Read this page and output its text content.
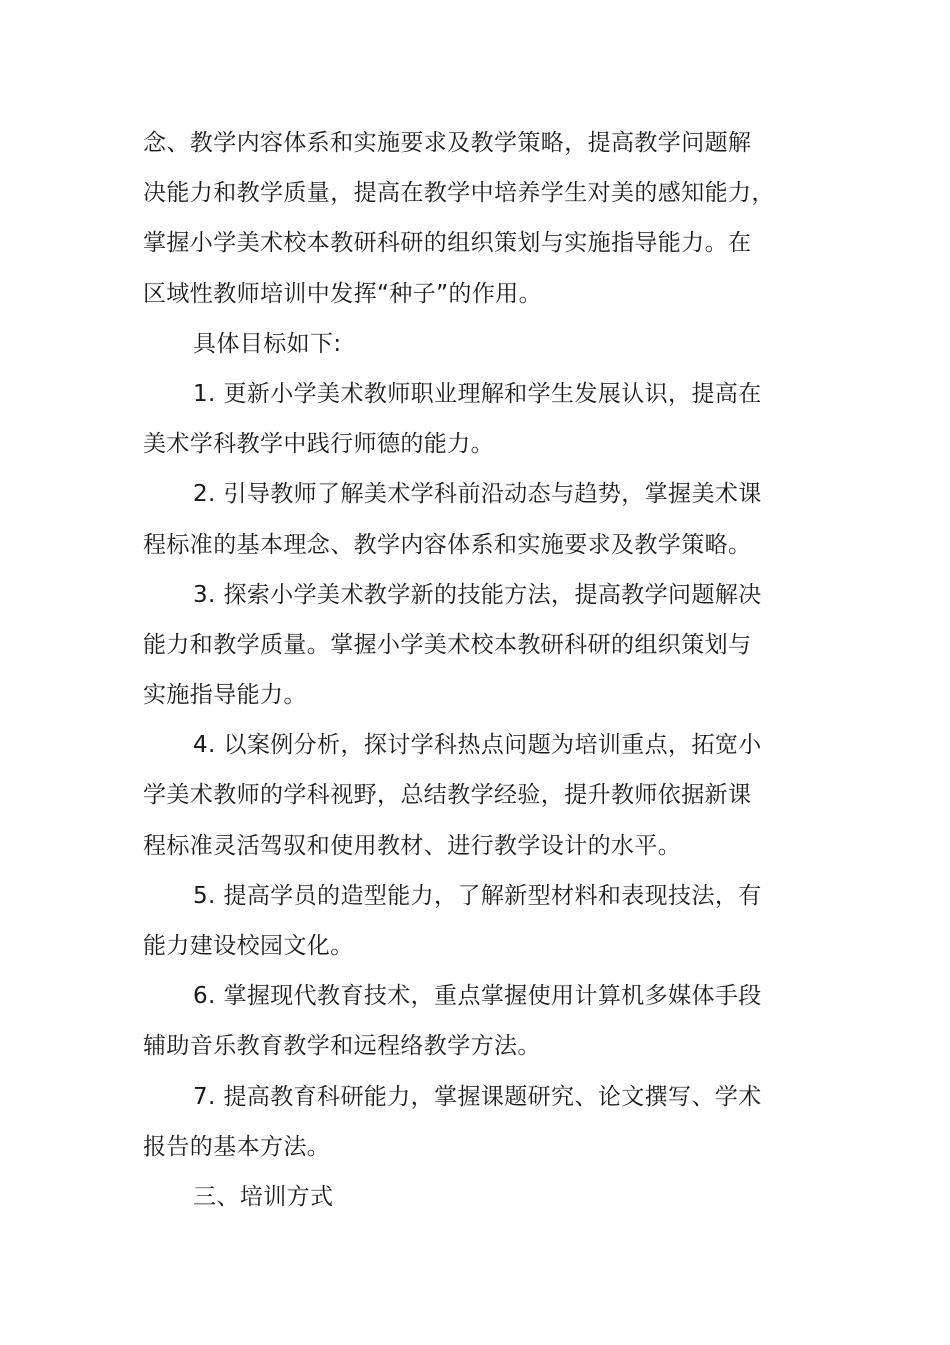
念、教学内容体系和实施要求及教学策略，提高教学问题解
决能力和教学质量，提高在教学中培养学生对美的感知能力，
掌握小学美术校本教研科研的组织策划与实施指导能力。在
区域性教师培训中发挥“种子”的作用。
具体目标如下:
1. 更新小学美术教师职业理解和学生发展认识，提高在
美术学科教学中践行师德的能力。
2. 引导教师了解美术学科前沿动态与趋势，掌握美术课
程标准的基本理念、教学内容体系和实施要求及教学策略。
3. 探索小学美术教学新的技能方法，提高教学问题解决
能力和教学质量。掌握小学美术校本教研科研的组织策划与
实施指导能力。
4. 以案例分析，探讨学科热点问题为培训重点，拓宽小
学美术教师的学科视野，总结教学经验，提升教师依据新课
程标准灵活驾驭和使用教材、进行教学设计的水平。
5. 提高学员的造型能力，了解新型材料和表现技法，有
能力建设校园文化。
6. 掌握现代教育技术，重点掌握使用计算机多媒体手段
辅助音乐教育教学和远程络教学方法。
7. 提高教育科研能力，掌握课题研究、论文撰写、学术
报告的基本方法。
三、培训方式
